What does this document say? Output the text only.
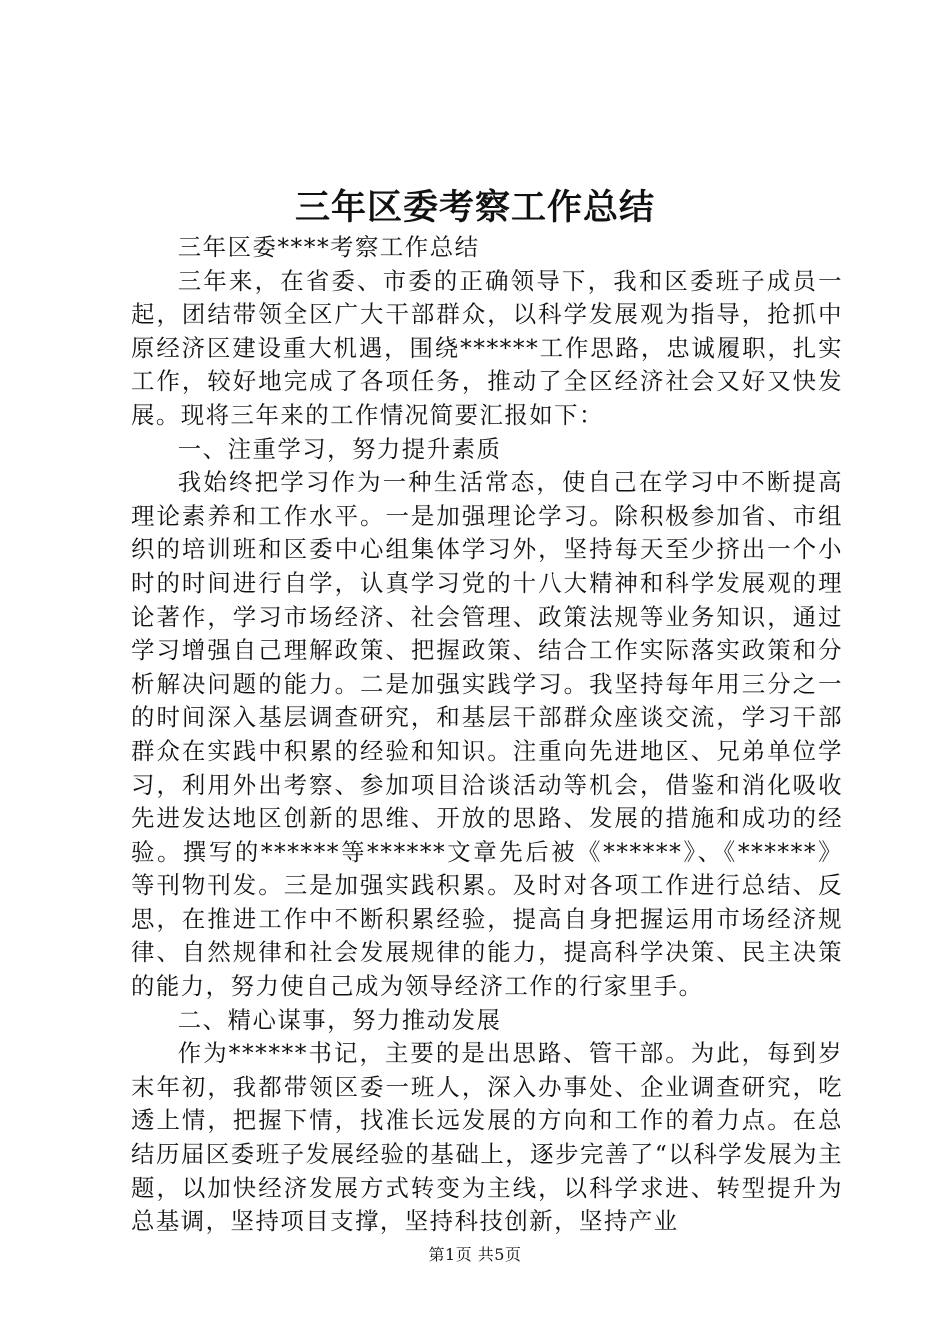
三年区委考察工作总结

三年区委****考察工作总结

三年来，在省委、市委的正确领导下，我和区委班子成员一起，团结带领全区广大干部群众，以科学发展观为指导，抢抓中原经济区建设重大机遇，围绕******工作思路，忠诚履职，扎实工作，较好地完成了各项任务，推动了全区经济社会又好又快发展。现将三年来的工作情况简要汇报如下：

一、注重学习，努力提升素质

我始终把学习作为一种生活常态，使自己在学习中不断提高理论素养和工作水平。一是加强理论学习。除积极参加省、市组织的培训班和区委中心组集体学习外，坚持每天至少挤出一个小时的时间进行自学，认真学习党的十八大精神和科学发展观的理论著作，学习市场经济、社会管理、政策法规等业务知识，通过学习增强自己理解政策、把握政策、结合工作实际落实政策和分析解决问题的能力。二是加强实践学习。我坚持每年用三分之一的时间深入基层调查研究，和基层干部群众座谈交流，学习干部群众在实践中积累的经验和知识。注重向先进地区、兄弟单位学习，利用外出考察、参加项目洽谈活动等机会，借鉴和消化吸收先进发达地区创新的思维、开放的思路、发展的措施和成功的经验。撰写的******等******文章先后被《******》、《******》等刊物刊发。三是加强实践积累。及时对各项工作进行总结、反思，在推进工作中不断积累经验，提高自身把握运用市场经济规律、自然规律和社会发展规律的能力，提高科学决策、民主决策的能力，努力使自己成为领导经济工作的行家里手。

二、精心谋事，努力推动发展

作为******书记，主要的是出思路、管干部。为此，每到岁末年初，我都带领区委一班人，深入办事处、企业调查研究，吃透上情，把握下情，找准长远发展的方向和工作的着力点。在总结历届区委班子发展经验的基础上，逐步完善了“以科学发展为主题，以加快经济发展方式转变为主线，以科学求进、转型提升为总基调，坚持项目支撑，坚持科技创新，坚持产业

第1页 共5页
